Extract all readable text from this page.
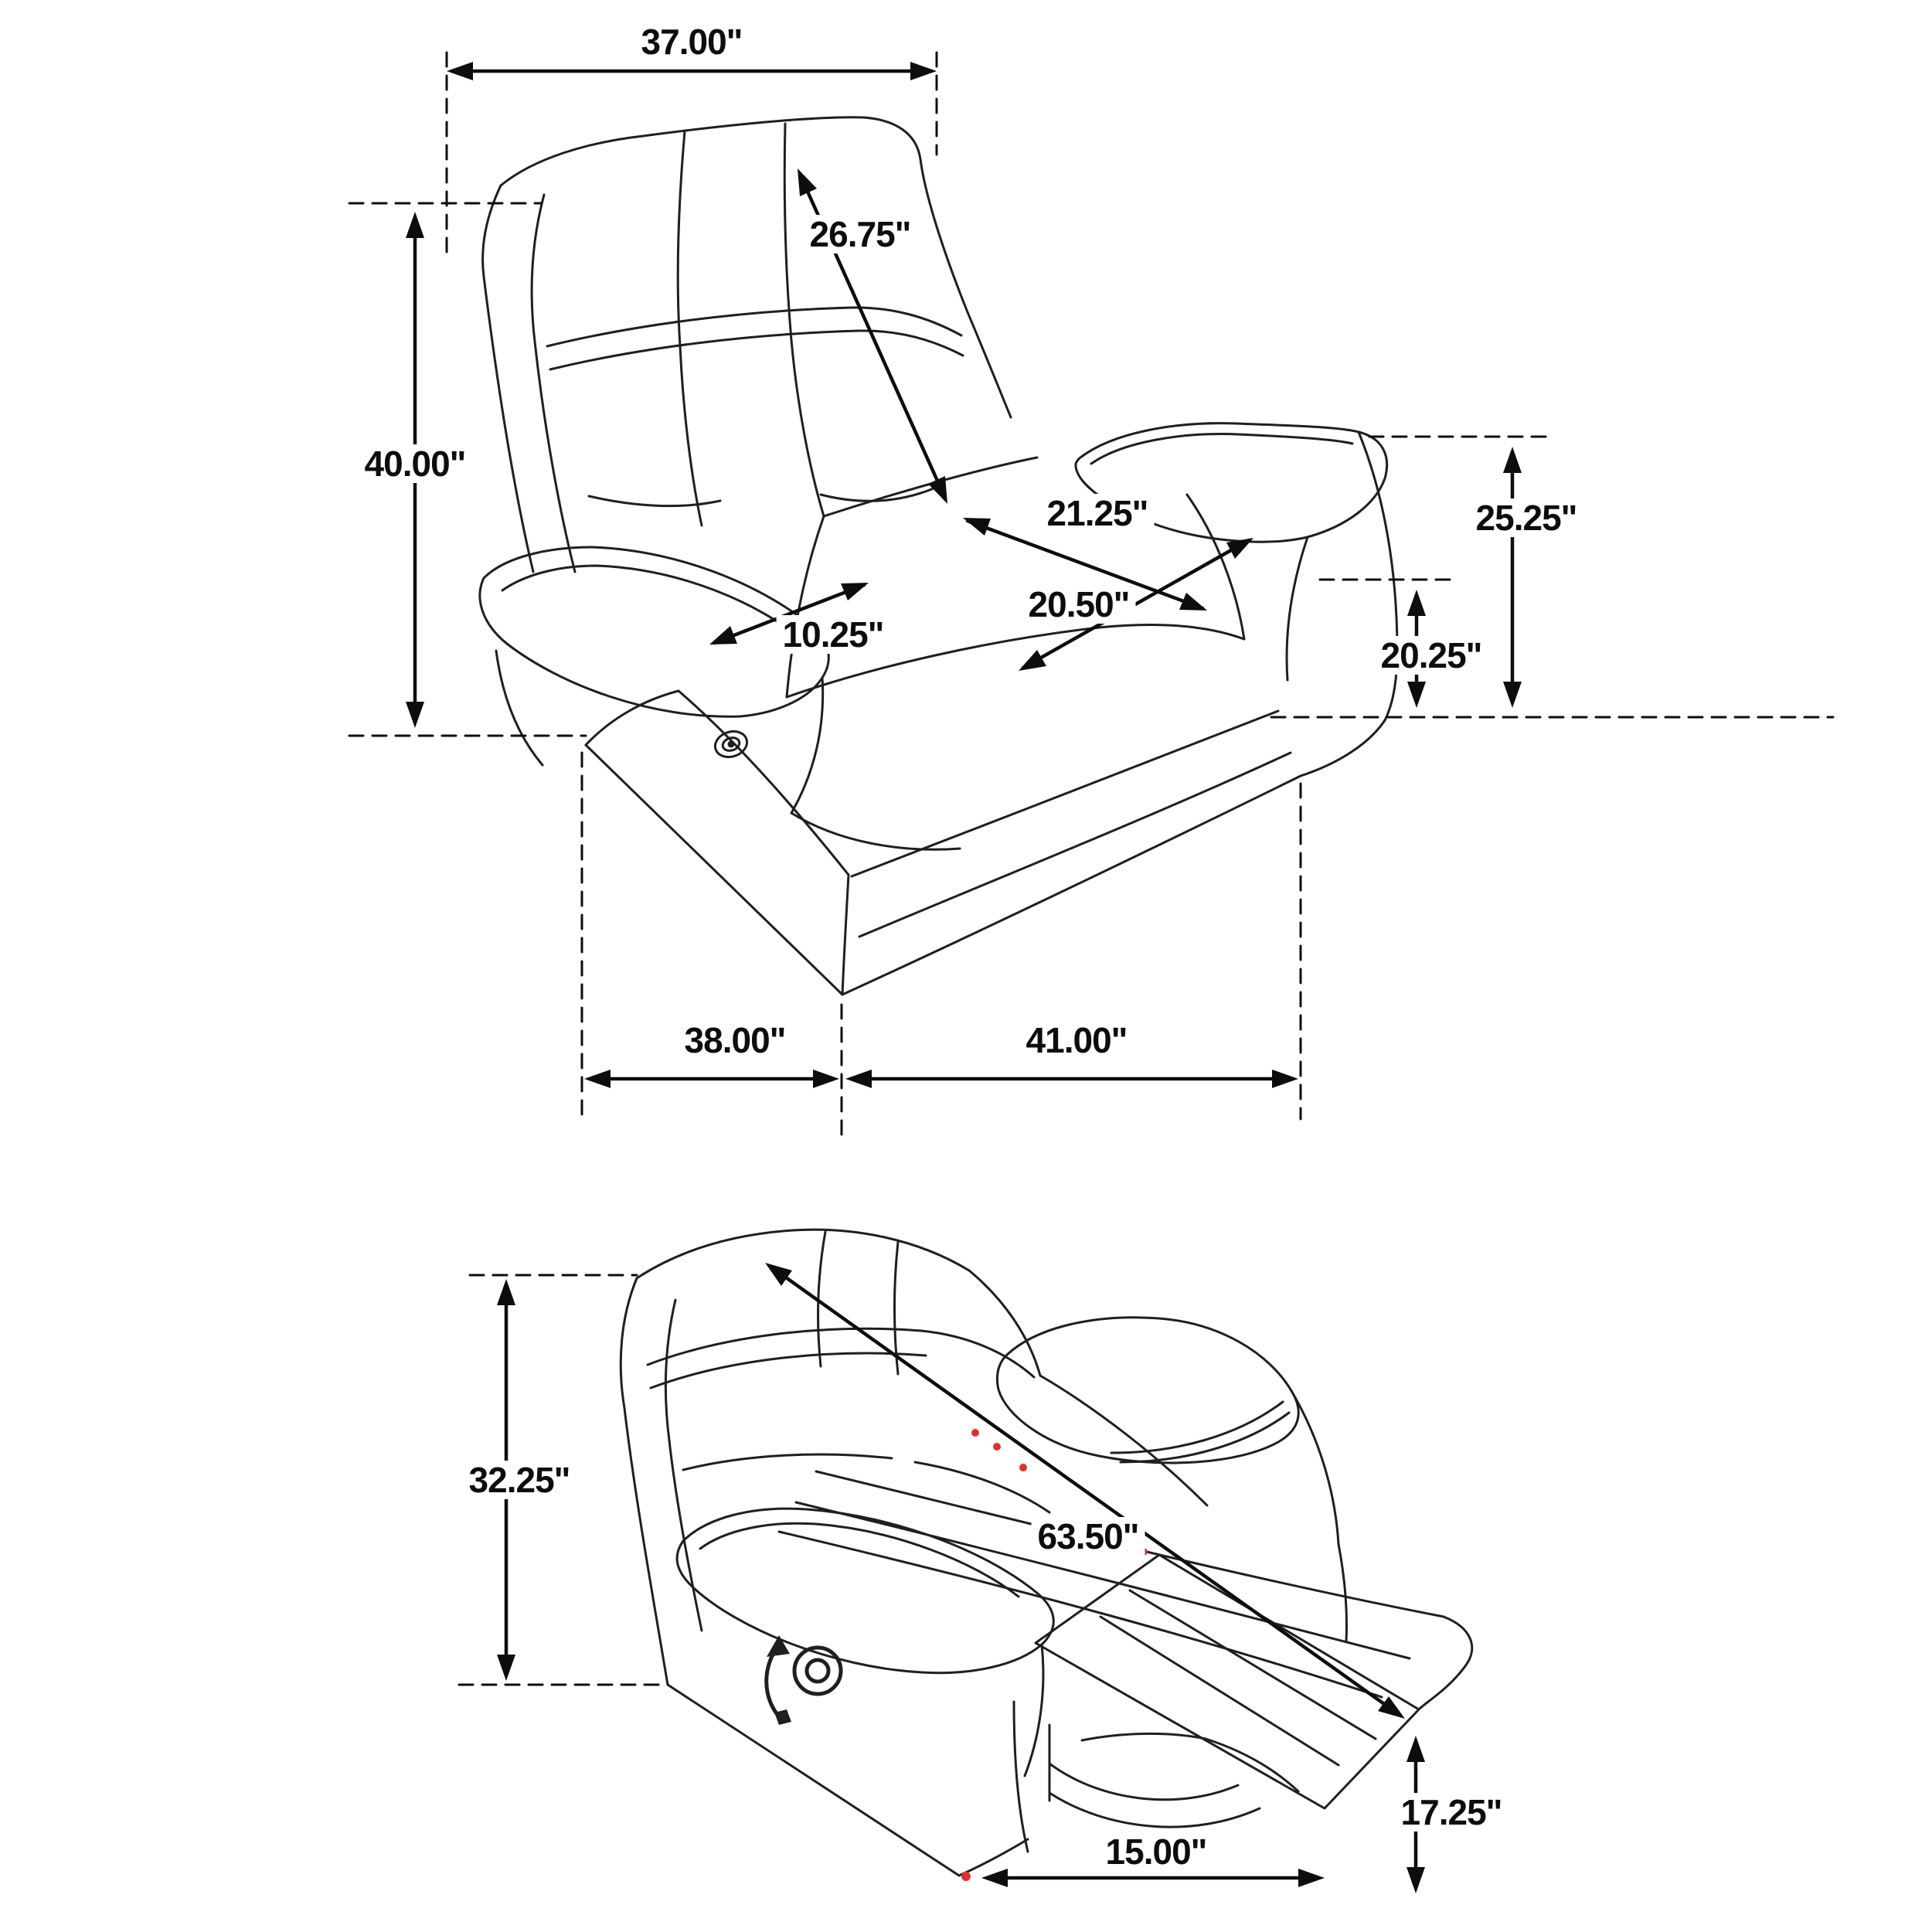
37.00"
26.75"
40.00"
21.25"	25.25"
10.25"
20.50"
20.25"
38.00"	41.00"
32.25"
63.50"
17.25"
15.00"
